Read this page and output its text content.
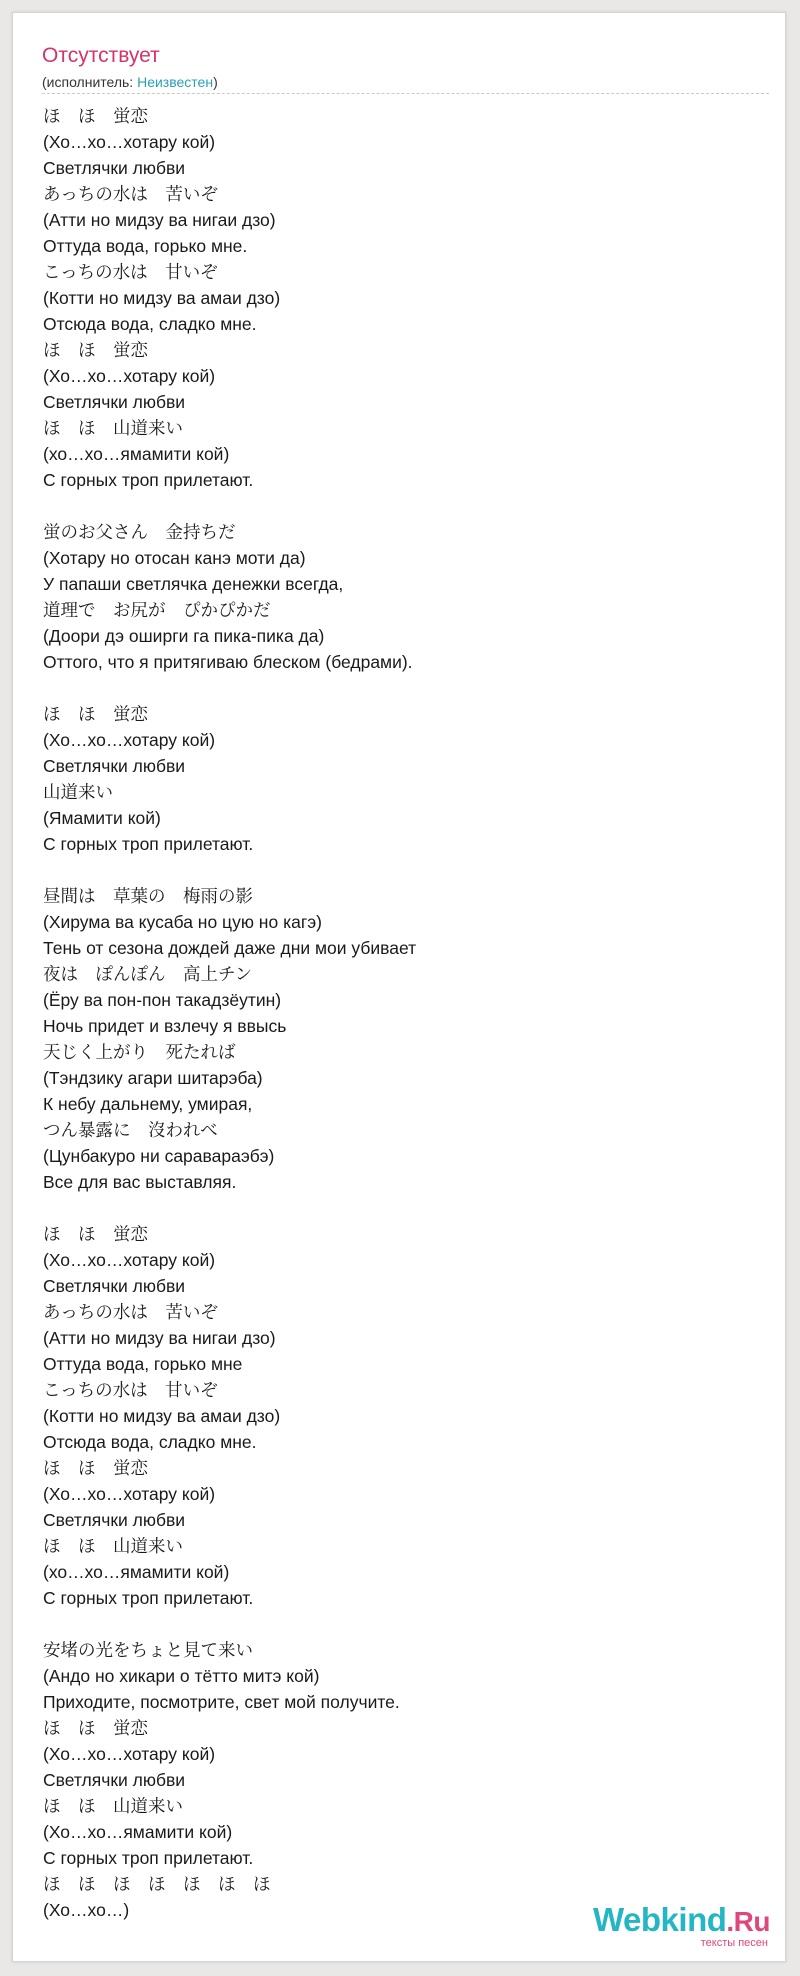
Отсутствует
(исполнитель: Неизвестен)
ほ　ほ　蛍恋
(Хо…хо…хотару кой)
Светлячки любви
あっちの水は　苦いぞ
(Атти но мидзу ва нигаи дзо)
Оттуда вода, горько мне.
こっちの水は　甘いぞ
(Котти но мидзу ва амаи дзо)
Отсюда вода, сладко мне.
ほ　ほ　蛍恋
(Хо…хо…хотару кой)
Светлячки любви
ほ　ほ　山道来い
(хо…хо…ямамити кой)
С горных троп прилетают.

蛍のお父さん　金持ちだ
(Хотару но отосан канэ моти да)
У папаши светлячка денежки всегда,
道理で　お尻が　ぴかぴかだ
(Доори дэ оширги га пика-пика да)
Оттого, что я притягиваю блеском (бедрами).

ほ　ほ　蛍恋
(Хо…хо…хотару кой)
Светлячки любви
山道来い
(Ямамити кой)
С горных троп прилетают.

昼間は　草葉の　梅雨の影
(Хирума ва кусаба но цую но кагэ)
Тень от сезона дождей даже дни мои убивает
夜は　ぽんぽん　高上チン
(Ёру ва пон-пон такадзёутин)
Ночь придет и взлечу я ввысь
天じく上がり　死たれば
(Тэндзику агари шитарэба)
К небу дальнему, умирая,
つん暴露に　沒われべ
(Цунбакуро ни саравараэбэ)
Все для вас выставляя.

ほ　ほ　蛍恋
(Хо…хо…хотару кой)
Светлячки любви
あっちの水は　苦いぞ
(Атти но мидзу ва нигаи дзо)
Оттуда вода, горько мне
こっちの水は　甘いぞ
(Котти но мидзу ва амаи дзо)
Отсюда вода, сладко мне.
ほ　ほ　蛍恋
(Хо…хо…хотару кой)
Светлячки любви
ほ　ほ　山道来い
(хо…хо…ямамити кой)
С горных троп прилетают.

安堵の光をちょと見て来い
(Андо но хикари о тётто митэ кой)
Приходите, посмотрите, свет мой получите.
ほ　ほ　蛍恋
(Хо…хо…хотару кой)
Светлячки любви
ほ　ほ　山道来い
(Хо…хо…ямамити кой)
С горных троп прилетают.
ほ　ほ　ほ　ほ　ほ　ほ　ほ
(Хо…хо…)	Webkind.Ru
тексты песен
